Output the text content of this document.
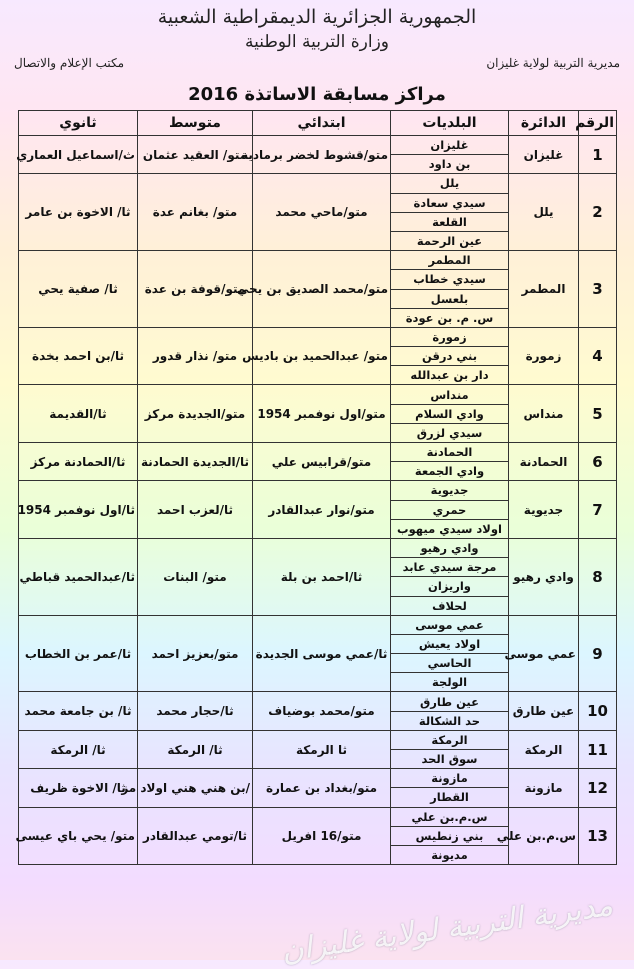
الجمهورية الجزائرية الديمقراطية الشعبية
وزارة التربية الوطنية
مديرية التربية لولاية غليزان
مكتب الإعلام والاتصال
مراكز مسابقة الاساتذة 2016
الرقم	الدائرة	البلديات	ابتدائي	متوسط	ثانوي
1	غليزان	غليزان	متو/قشوط لخضر برمادية	متو/ العقيد عثمان	ث/اسماعيل العماري
		بن داود			
2	يلل	يلل	متو/ماحي محمد	متو/ بغانم عدة	ثا/ الاخوة بن عامر
		سيدي سعادة			
		القلعة			
		عين الرحمة			
3	المطمر	المطمر	متو/محمد الصديق بن يحي	متو/قوفة بن عدة	ثا/ صفية يحي
		سيدي خطاب			
		بلعسل			
		س. م. بن عودة			
4	زمورة	زمورة	متو/ عبدالحميد بن باديس	متو/ نذار قدور	ثا/بن احمد بخدة
		بني درقن			
		دار بن عبدالله			
5	منداس	منداس	متو/اول نوفمبر 1954	متو/الجديدة مركز	ثا/القديمة
		وادي السلام			
		سيدي لزرق			
6	الحمادنة	الحمادنة	متو/قرابيس علي	ثا/الجديدة الحمادنة	ثا/الحمادنة مركز
		وادي الجمعة			
7	جديوية	جديوية	متو/نوار عبدالقادر	ثا/لعزب احمد	ثا/اول نوفمبر 1954
		حمري			
		اولاد سيدي ميهوب			
8	وادي رهيو	وادي رهيو	ثا/احمد بن بلة	متو/ البنات	ثا/عبدالحميد قباطي
		مرجة سيدي عابد			
		واريزان			
		لحلاف			
9	عمي موسى	عمي موسى	ثا/عمي موسى الجديدة	متو/بعزيز احمد	ثا/عمر بن الخطاب
		اولاد يعيش			
		الحاسي			
		الولجة			
10	عين طارق	عين طارق	متو/محمد بوضياف	ثا/حجار محمد	ثا/ بن جامعة محمد
		حد الشكالة			
11	الرمكة	الرمكة	ثا الرمكة	ثا/ الرمكة	ثا/ الرمكة
		سوق الحد			
12	مازونة	مازونة	متو/بغداد بن عمارة	/بن هني هني اولاد مز	ثا/ الاخوة ظريف
		القطار			
13	س.م.بن علي	س.م.بن علي	متو/16 افريل	ثا/تومي عبدالقادر	متو/ يحي باي عيسى
		بني زنطيس			
		مديونة			
مديرية التربية لولاية غليزان
